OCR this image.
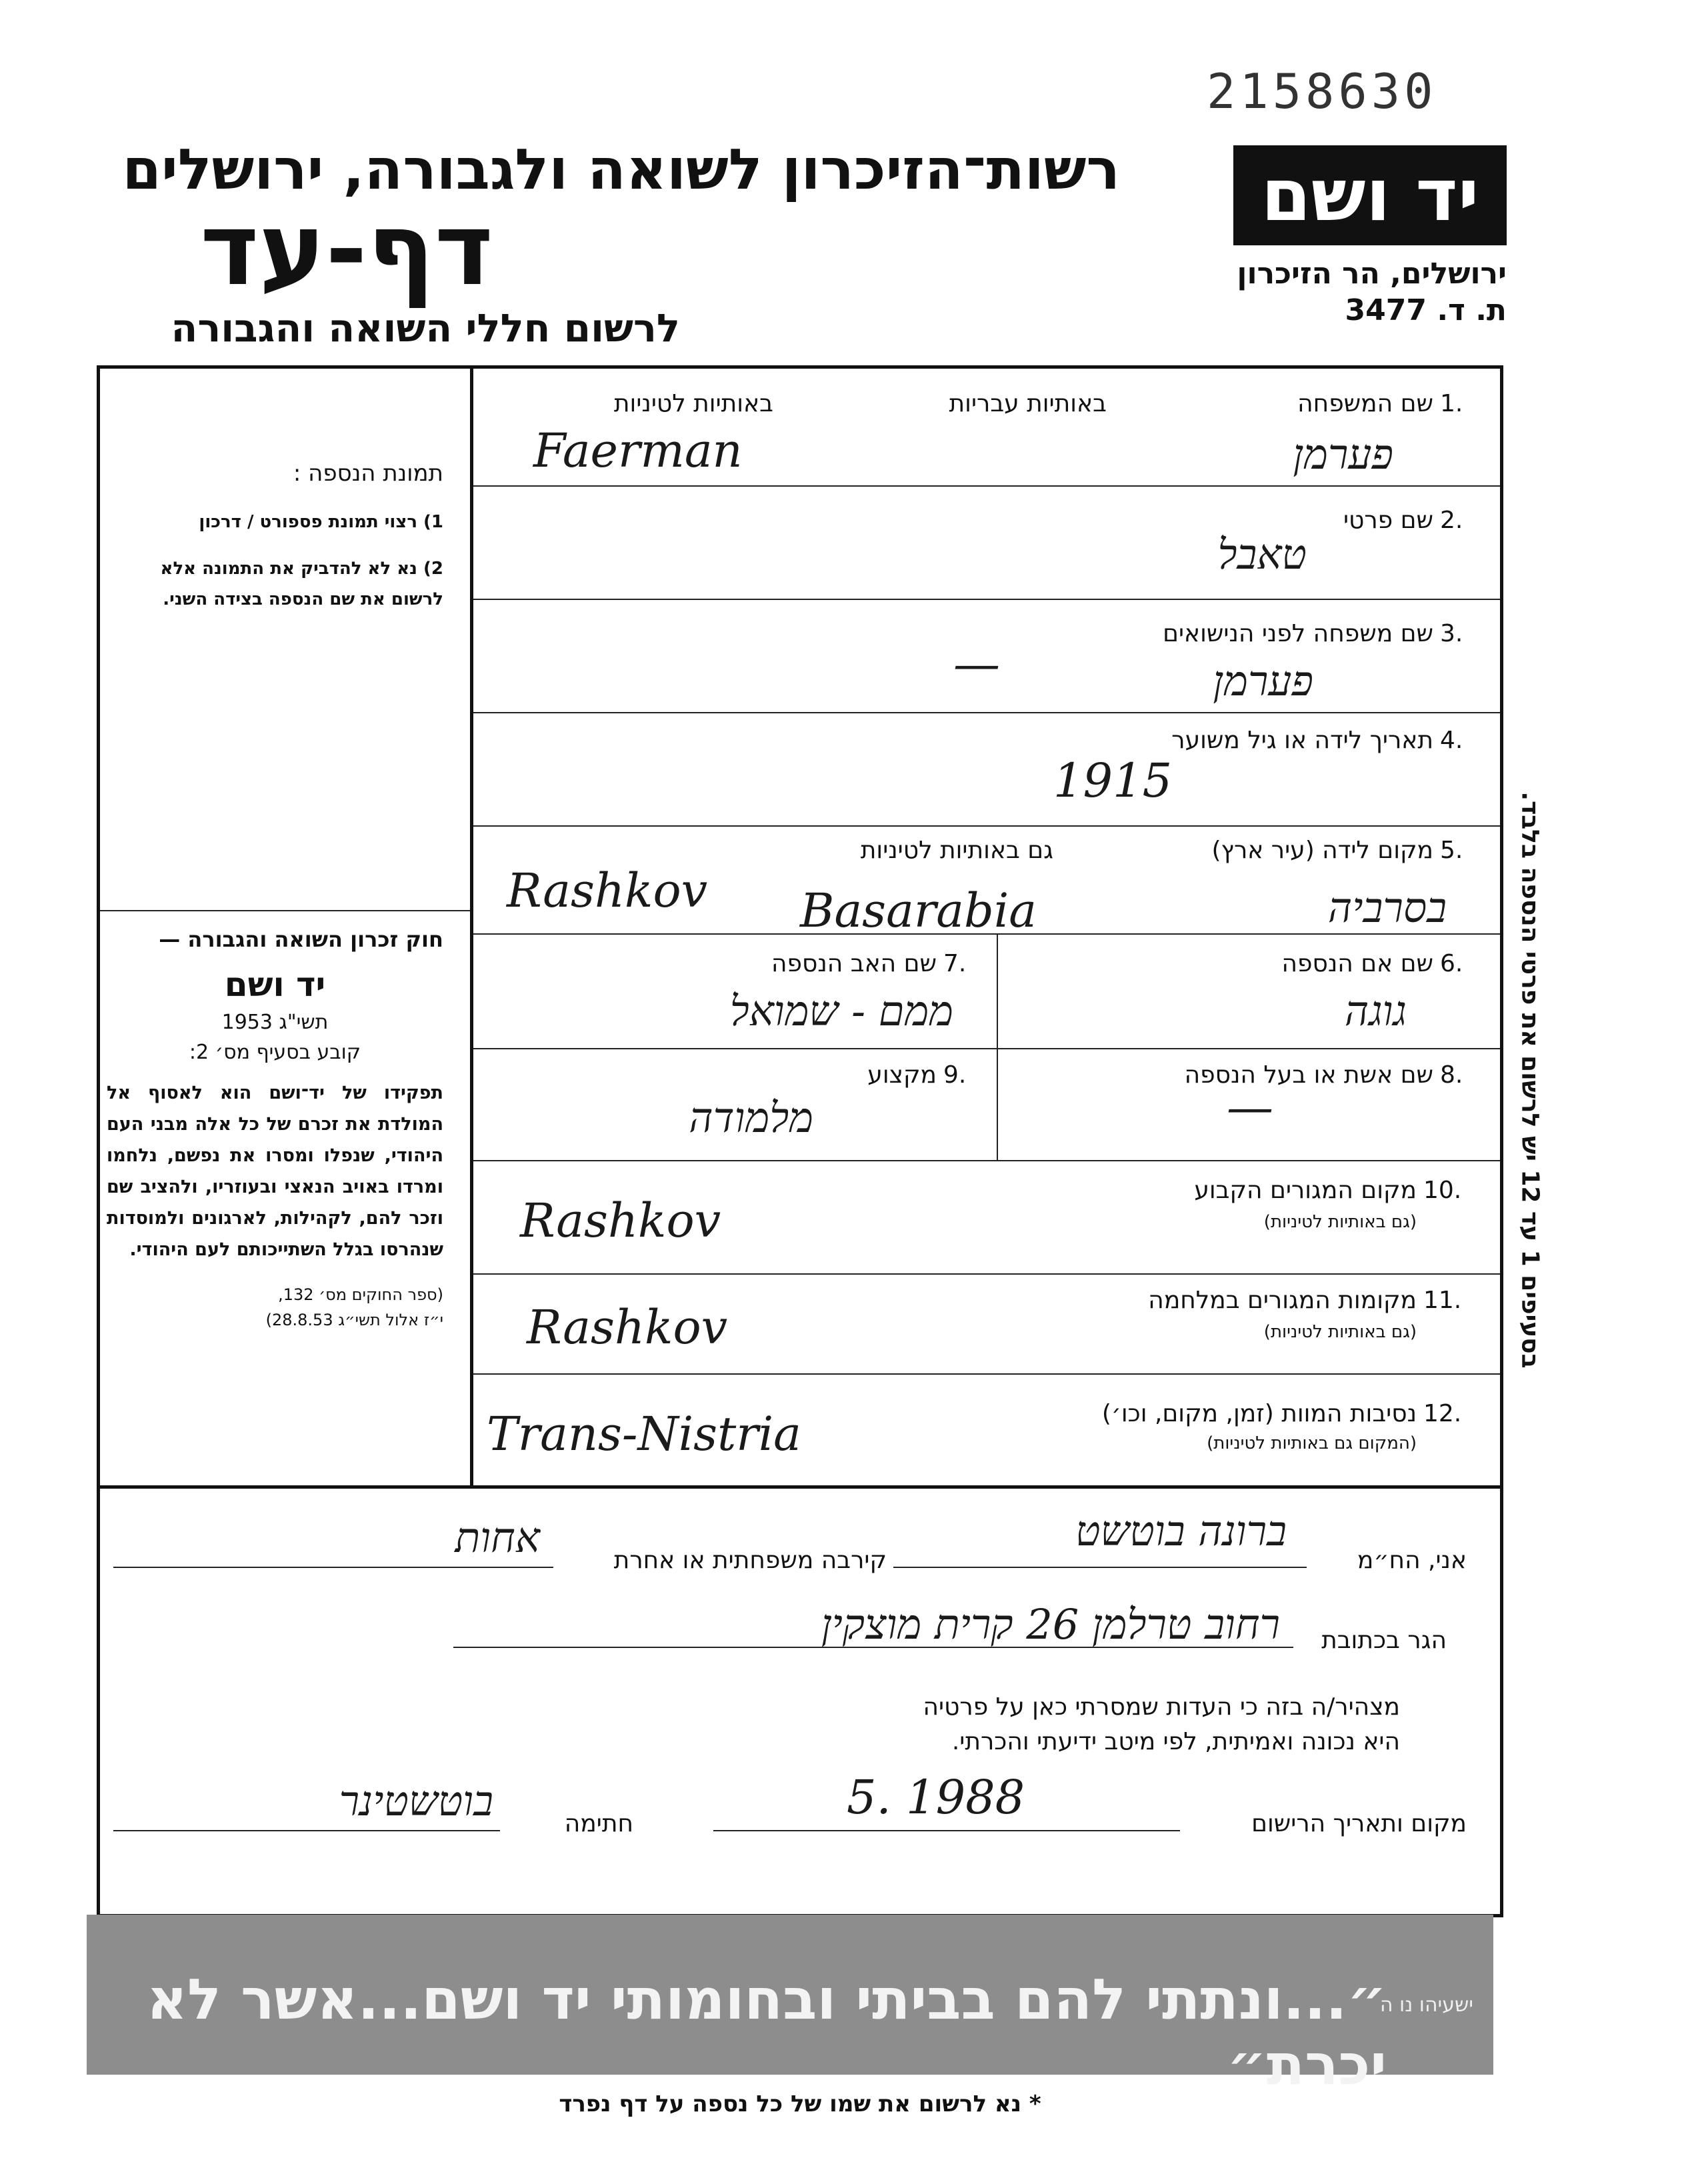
2158630
רשות־הזיכרון לשואה ולגבורה, ירושלים
דף-עד
לרשום חללי השואה והגבורה
יד ושם
ירושלים, הר הזיכרון
ת. ד. 3477
תמונת הנספה :
1) רצוי תמונת פספורט / דרכון
2) נא לא להדביק את התמונה אלא לרשום את שם הנספה בצידה השני.
חוק זכרון השואה והגבורה —
יד ושם
תשי"ג 1953
קובע בסעיף מס׳ 2:
תפקידו של יד־ושם הוא לאסוף אל המולדת את זכרם של כל אלה מבני העם היהודי, שנפלו ומסרו את נפשם, נלחמו ומרדו באויב הנאצי ובעוזריו, ולהציב שם וזכר להם, לקהילות, לארגונים ולמוסדות שנהרסו בגלל השתייכותם לעם היהודי.
(ספר החוקים מס׳ 132,
י״ז אלול תשי״ג 28.8.53)
1.
שם המשפחה
באותיות עבריות
באותיות לטיניות
Faerman	פערמן
2.
שם פרטי
טאבל
3.
שם משפחה לפני הנישואים
—	פערמן
4.
תאריך לידה או גיל משוער
1915
5.
מקום לידה (עיר ארץ)
גם באותיות לטיניות
Rashkov Basarabia	בסרביה
6.
שם אם הנספה
גוגה
7.
שם האב הנספה
ממם - שמואל
8.
שם אשת או בעל הנספה
—
9.
מקצוע
מלמודה
10.
מקום המגורים הקבוע
(גם באותיות לטיניות)
Rashkov
11.
מקומות המגורים במלחמה
(גם באותיות לטיניות)
Rashkov
12.
נסיבות המוות (זמן, מקום, וכו׳)
(המקום גם באותיות לטיניות)
Trans-Nistria
בסעיפים 1 עד 12 יש לרשום את פרטי הנספה בלבד.
אני, הח״מ
ברונה בוטשט
קירבה משפחתית או אחרת
אחות
הגר בכתובת
רחוב טרלמן 26 קרית מוצקין
מצהיר/ה בזה כי העדות שמסרתי כאן על פרטיה
היא נכונה ואמיתית, לפי מיטב ידיעתי והכרתי.
מקום ותאריך הרישום
5. 1988
חתימה
בוטשטינר
״...ונתתי להם בביתי ובחומותי יד ושם...אשר לא יכרת״
ישעיהו נו ה
* נא לרשום את שמו של כל נספה על דף נפרד
